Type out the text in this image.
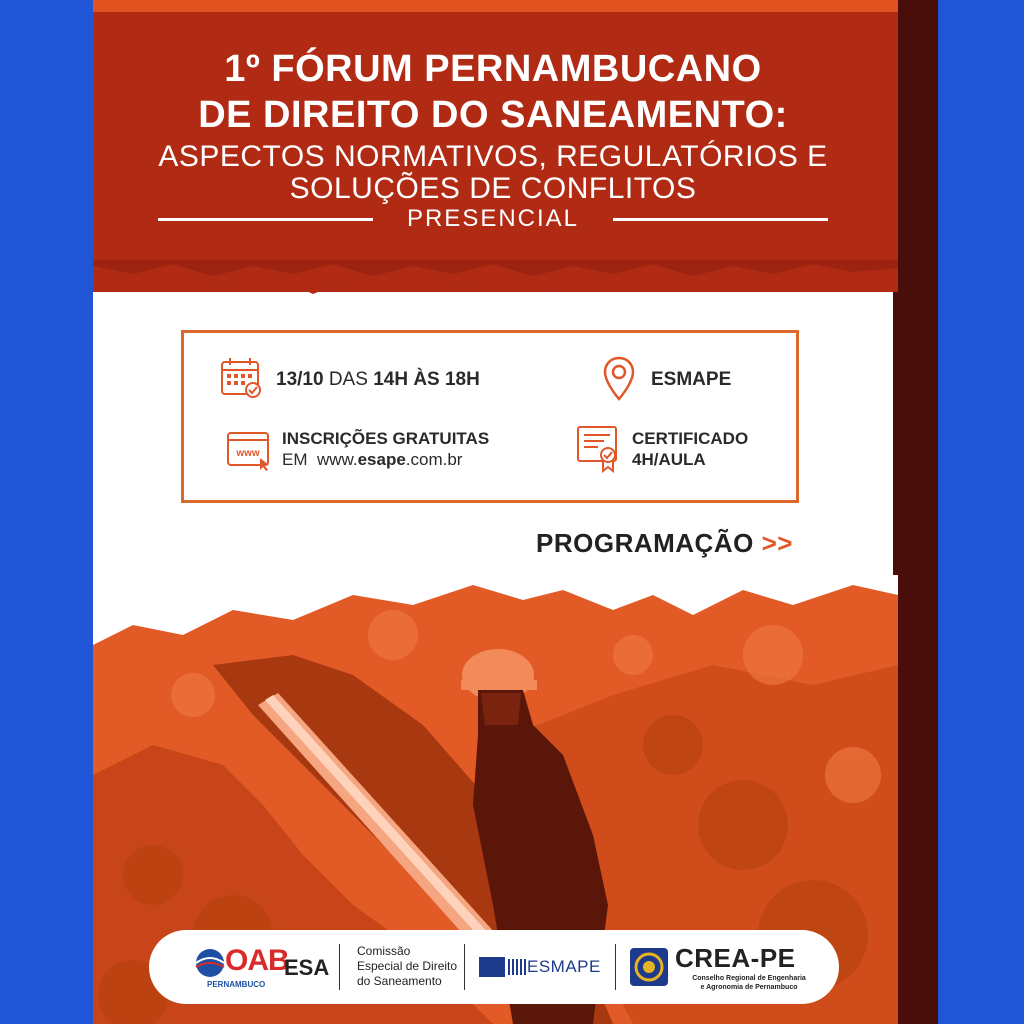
1º FÓRUM PERNAMBUCANO
DE DIREITO DO SANEAMENTO:
ASPECTOS NORMATIVOS, REGULATÓRIOS E
SOLUÇÕES DE CONFLITOS
PRESENCIAL
13/10 DAS 14H ÀS 18H	ESMAPE
www
INSCRIÇÕES GRATUITAS
EM www.esape.com.br
CERTIFICADO
4H/AULA
PROGRAMAÇÃO >>
OAB
PERNAMBUCO
ESA
Comissão
Especial de Direito
do Saneamento
ESMAPE	CREA-PE
Conselho Regional de Engenharia
e Agronomia de Pernambuco
